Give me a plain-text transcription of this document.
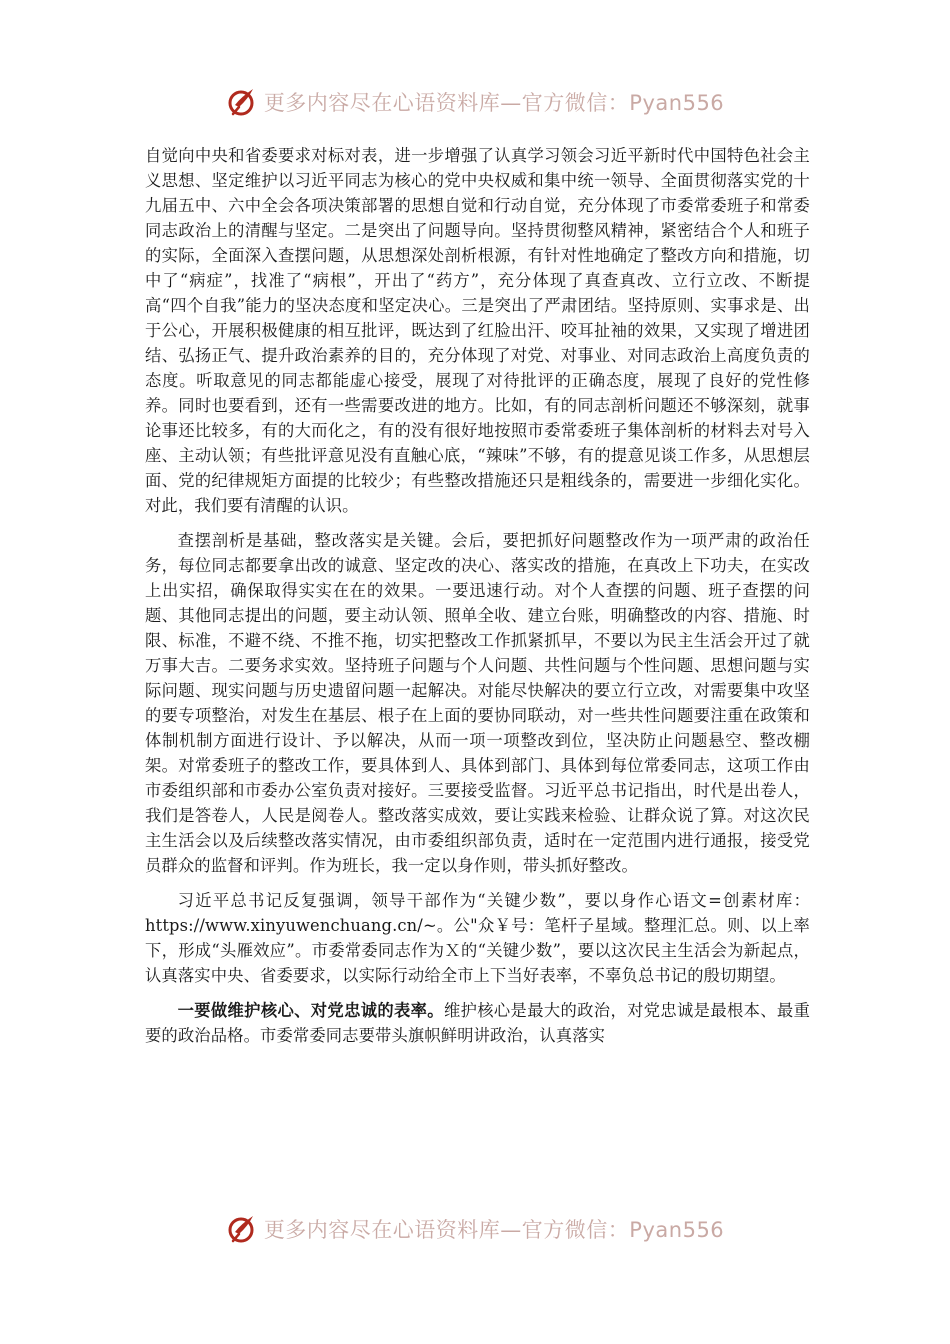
更多内容尽在心语资料库—官方微信：Pyan556

自觉向中央和省委要求对标对表，进一步增强了认真学习领会习近平新时代中国特色社会主义思想、坚定维护以习近平同志为核心的党中央权威和集中统一领导、全面贯彻落实党的十九届五中、六中全会各项决策部署的思想自觉和行动自觉，充分体现了市委常委班子和常委同志政治上的清醒与坚定。二是突出了问题导向。坚持贯彻整风精神，紧密结合个人和班子的实际，全面深入查摆问题，从思想深处剖析根源，有针对性地确定了整改方向和措施，切中了“病症”，找准了“病根”，开出了“药方”，充分体现了真查真改、立行立改、不断提高“四个自我”能力的坚决态度和坚定决心。三是突出了严肃团结。坚持原则、实事求是、出于公心，开展积极健康的相互批评，既达到了红脸出汗、咬耳扯袖的效果，又实现了增进团结、弘扬正气、提升政治素养的目的，充分体现了对党、对事业、对同志政治上高度负责的态度。听取意见的同志都能虚心接受，展现了对待批评的正确态度，展现了良好的党性修养。同时也要看到，还有一些需要改进的地方。比如，有的同志剖析问题还不够深刻，就事论事还比较多，有的大而化之，有的没有很好地按照市委常委班子集体剖析的材料去对号入座、主动认领；有些批评意见没有直触心底，“辣味”不够，有的提意见谈工作多，从思想层面、党的纪律规矩方面提的比较少；有些整改措施还只是粗线条的，需要进一步细化实化。对此，我们要有清醒的认识。

查摆剖析是基础，整改落实是关键。会后，要把抓好问题整改作为一项严肃的政治任务，每位同志都要拿出改的诚意、坚定改的决心、落实改的措施，在真改上下功夫，在实改上出实招，确保取得实实在在的效果。一要迅速行动。对个人查摆的问题、班子查摆的问题、其他同志提出的问题，要主动认领、照单全收、建立台账，明确整改的内容、措施、时限、标准，不避不绕、不推不拖，切实把整改工作抓紧抓早，不要以为民主生活会开过了就万事大吉。二要务求实效。坚持班子问题与个人问题、共性问题与个性问题、思想问题与实际问题、现实问题与历史遗留问题一起解决。对能尽快解决的要立行立改，对需要集中攻坚的要专项整治，对发生在基层、根子在上面的要协同联动，对一些共性问题要注重在政策和体制机制方面进行设计、予以解决，从而一项一项整改到位，坚决防止问题悬空、整改棚架。对常委班子的整改工作，要具体到人、具体到部门、具体到每位常委同志，这项工作由市委组织部和市委办公室负责对接好。三要接受监督。习近平总书记指出，时代是出卷人，我们是答卷人，人民是阅卷人。整改落实成效，要让实践来检验、让群众说了算。对这次民主生活会以及后续整改落实情况，由市委组织部负责，适时在一定范围内进行通报，接受党员群众的监督和评判。作为班长，我一定以身作则，带头抓好整改。

习近平总书记反复强调，领导干部作为“关键少数”，要以身作心语文=创素材库：https://www.xinyuwenchuang.cn/~。公"众￥号：笔杆子星域。整理汇总。则、以上率下，形成“头雁效应”。市委常委同志作为Ｘ的“关键少数”，要以这次民主生活会为新起点，认真落实中央、省委要求，以实际行动给全市上下当好表率，不辜负总书记的殷切期望。

一要做维护核心、对党忠诚的表率。维护核心是最大的政治，对党忠诚是最根本、最重要的政治品格。市委常委同志要带头旗帜鲜明讲政治，认真落实

更多内容尽在心语资料库—官方微信：Pyan556
